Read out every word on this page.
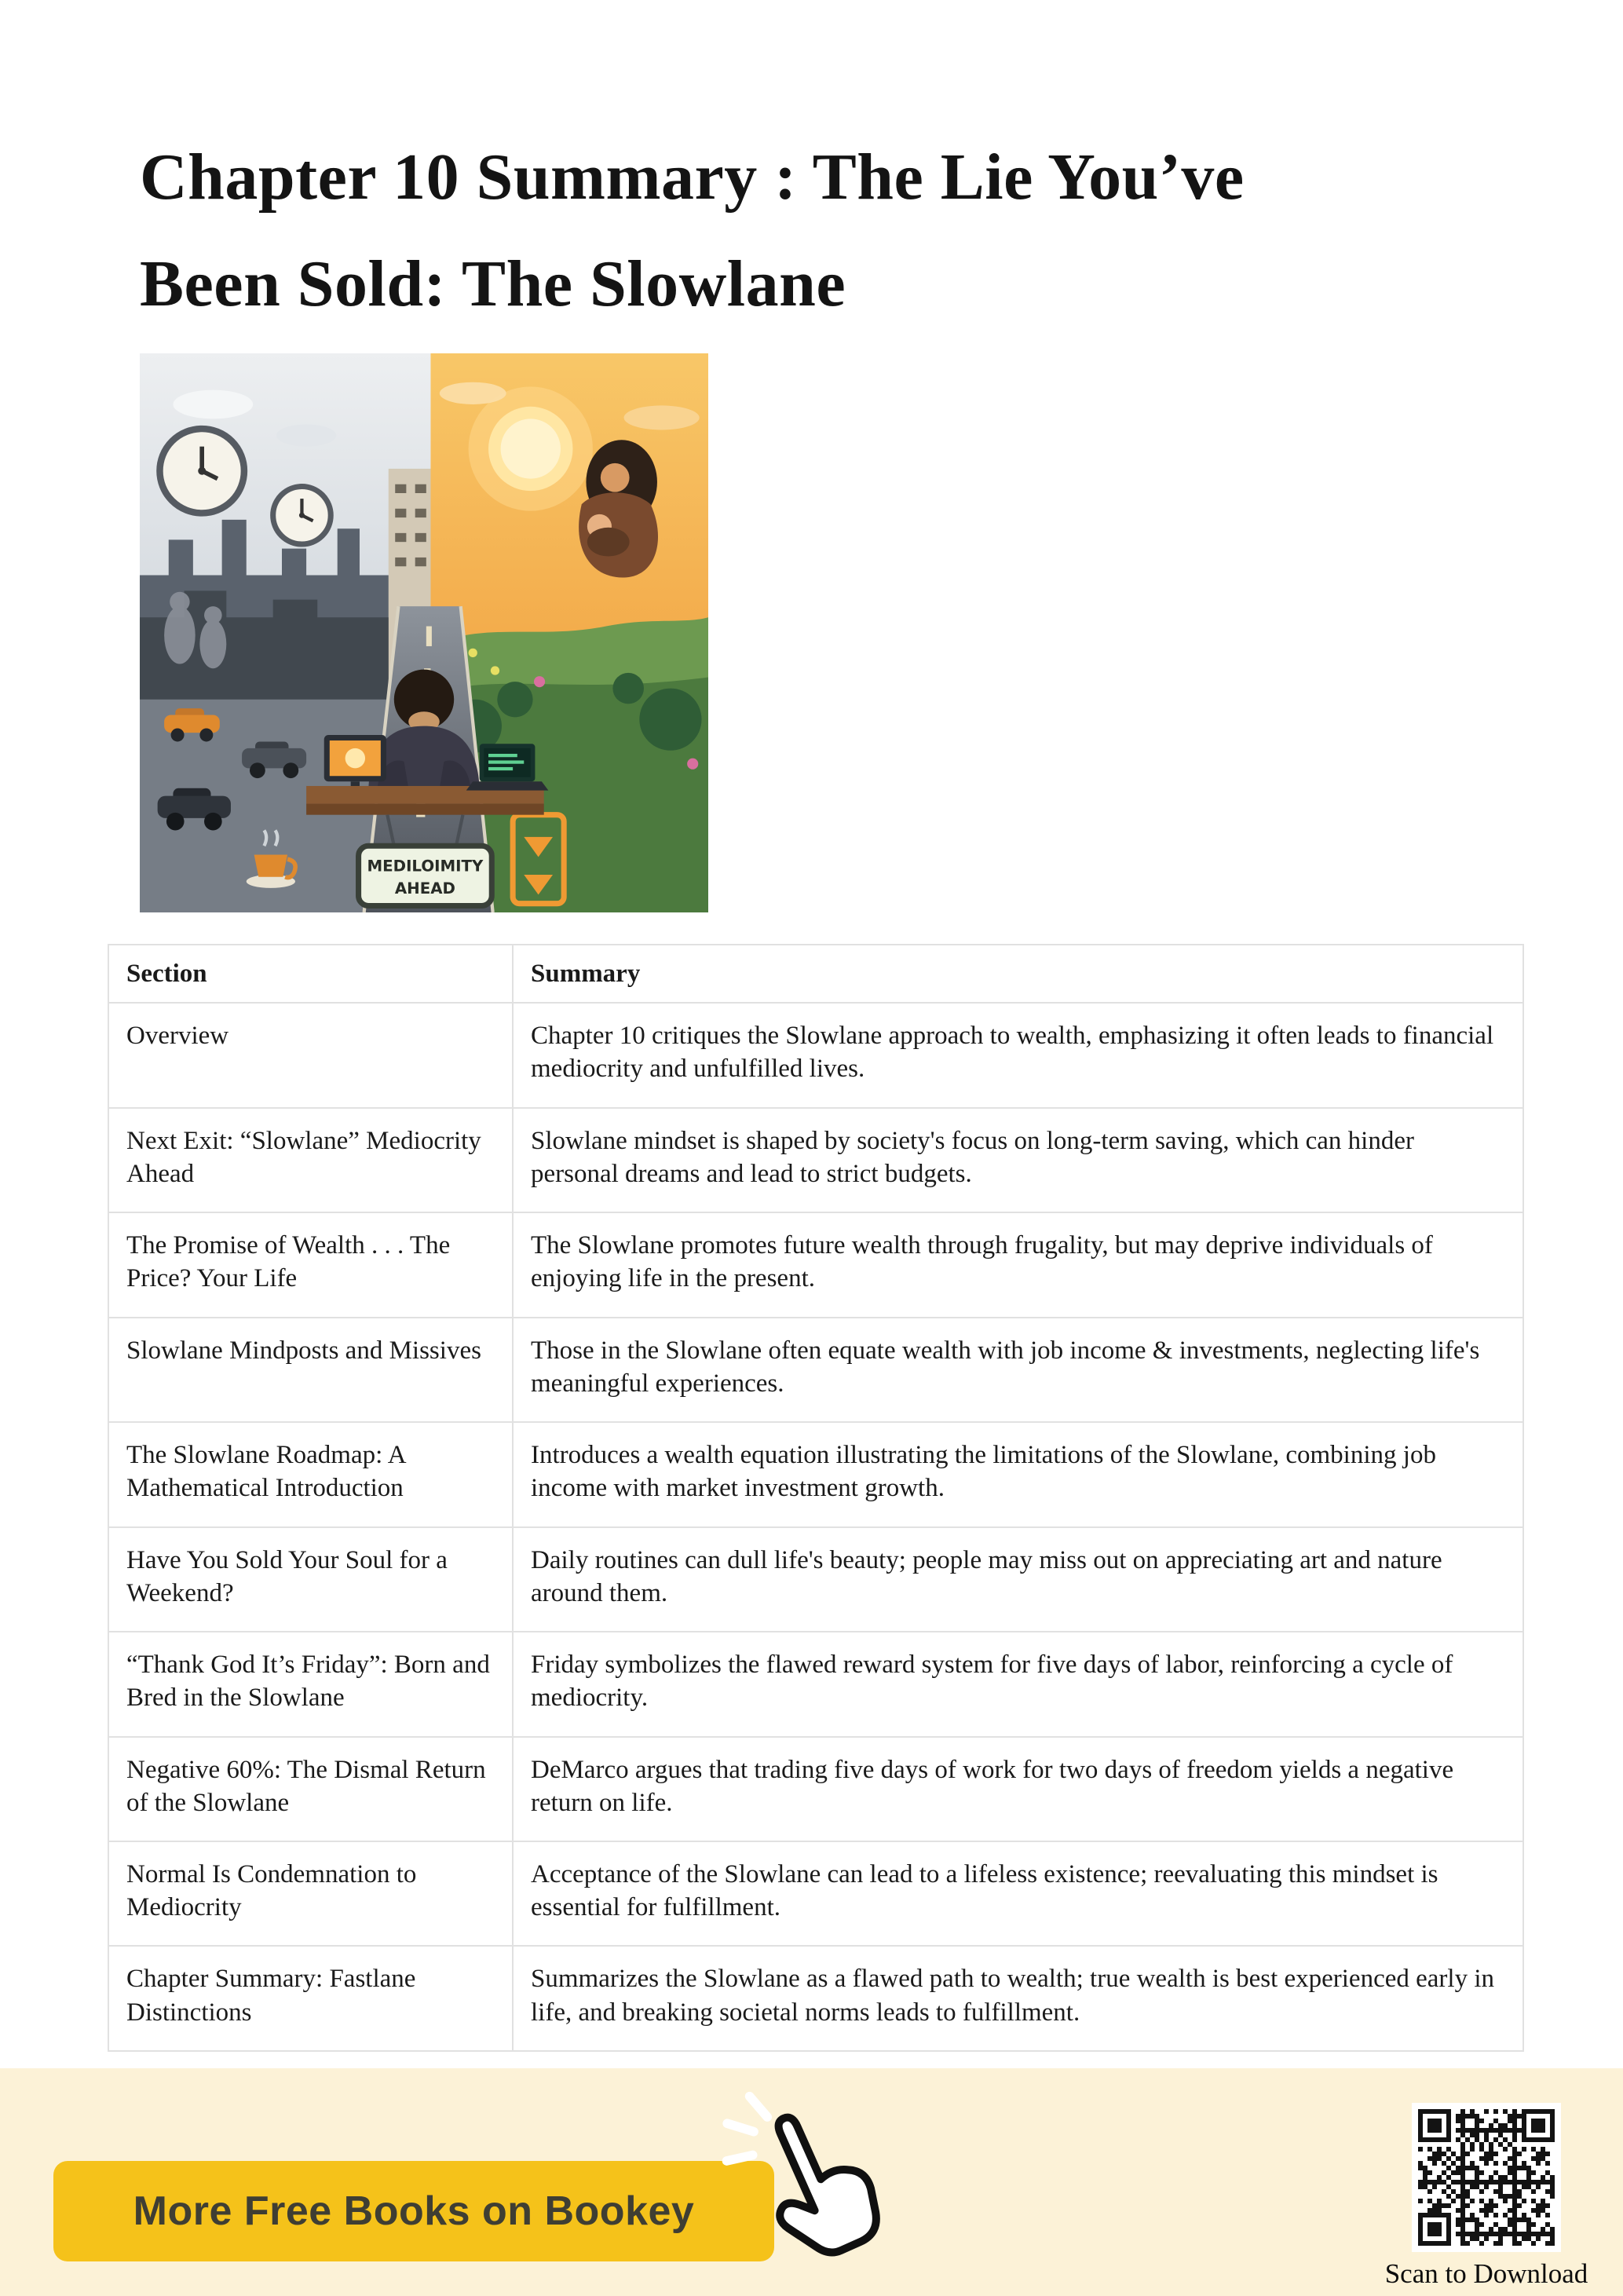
Chapter 10 Summary : The Lie You’ve
Been Sold: The Slowlane
MEDILOIMITY
AHEAD
Section	Summary
Overview	Chapter 10 critiques the Slowlane approach to wealth, emphasizing it often leads to financial mediocrity and unfulfilled lives.
Next Exit: “Slowlane” Mediocrity Ahead	Slowlane mindset is shaped by society's focus on long-term saving, which can hinder personal dreams and lead to strict budgets.
The Promise of Wealth . . . The Price? Your Life	The Slowlane promotes future wealth through frugality, but may deprive individuals of enjoying life in the present.
Slowlane Mindposts and Missives	Those in the Slowlane often equate wealth with job income & investments, neglecting life's meaningful experiences.
The Slowlane Roadmap: A Mathematical Introduction	Introduces a wealth equation illustrating the limitations of the Slowlane, combining job income with market investment growth.
Have You Sold Your Soul for a Weekend?	Daily routines can dull life's beauty; people may miss out on appreciating art and nature around them.
“Thank God It’s Friday”: Born and Bred in the Slowlane	Friday symbolizes the flawed reward system for five days of labor, reinforcing a cycle of mediocrity.
Negative 60%: The Dismal Return of the Slowlane	DeMarco argues that trading five days of work for two days of freedom yields a negative return on life.
Normal Is Condemnation to Mediocrity	Acceptance of the Slowlane can lead to a lifeless existence; reevaluating this mindset is essential for fulfillment.
Chapter Summary: Fastlane Distinctions	Summarizes the Slowlane as a flawed path to wealth; true wealth is best experienced early in life, and breaking societal norms leads to fulfillment.
More Free Books on Bookey
Scan to Download
